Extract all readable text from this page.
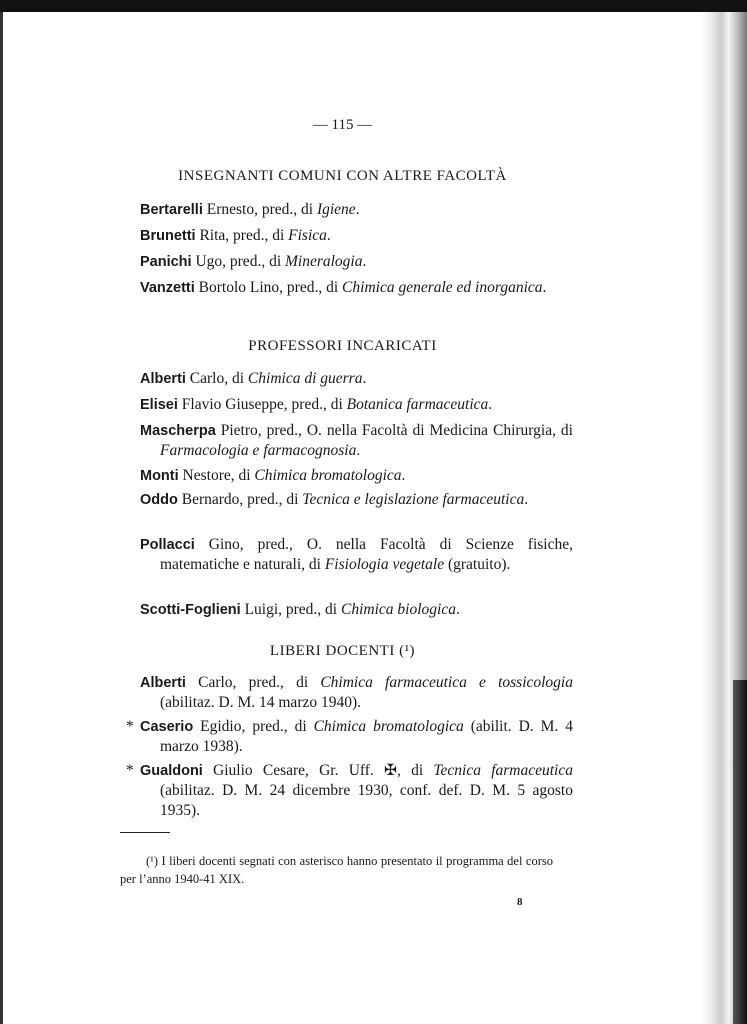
— 115 —
INSEGNANTI COMUNI CON ALTRE FACOLTÀ
Bertarelli Ernesto, pred., di Igiene.
Brunetti Rita, pred., di Fisica.
Panichi Ugo, pred., di Mineralogia.
Vanzetti Bortolo Lino, pred., di Chimica generale ed inorganica.
PROFESSORI INCARICATI
Alberti Carlo, di Chimica di guerra.
Elisei Flavio Giuseppe, pred., di Botanica farmaceutica.
Mascherpa Pietro, pred., O. nella Facoltà di Medicina Chirurgia, di Farmacologia e farmacognosia.
Monti Nestore, di Chimica bromatologica.
Oddo Bernardo, pred., di Tecnica e legislazione farmaceutica.
Pollacci Gino, pred., O. nella Facoltà di Scienze fisiche, matematiche e naturali, di Fisiologia vegetale (gratuito).
Scotti-Foglieni Luigi, pred., di Chimica biologica.
LIBERI DOCENTI (¹)
Alberti Carlo, pred., di Chimica farmaceutica e tossicologia (abilitaz. D. M. 14 marzo 1940).
* Caserio Egidio, pred., di Chimica bromatologica (abilit. D. M. 4 marzo 1938).
* Gualdoni Giulio Cesare, Gr. Uff. ✠, di Tecnica farmaceutica (abilitaz. D. M. 24 dicembre 1930, conf. def. D. M. 5 agosto 1935).
(¹) I liberi docenti segnati con asterisco hanno presentato il programma del corso per l’anno 1940-41 XIX.
8
